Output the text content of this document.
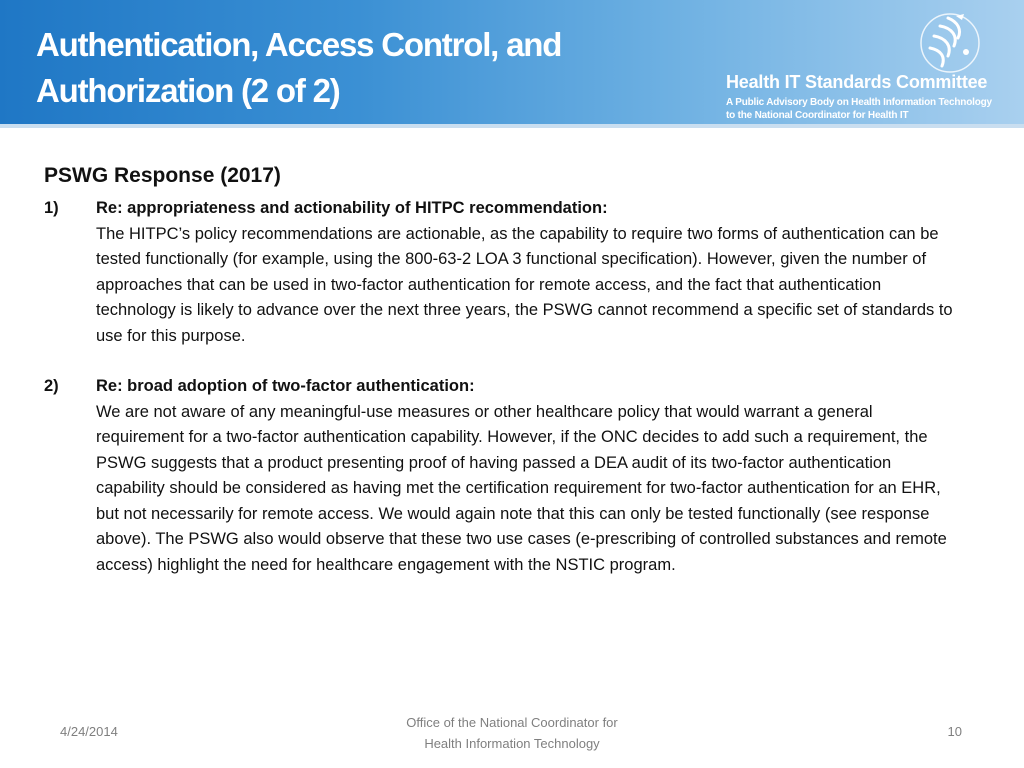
Authentication, Access Control, and
Authorization (2 of 2)	Health IT Standards Committee
A Public Advisory Body on Health Information Technology
to the National Coordinator for Health IT
PSWG Response (2017)
1) Re: appropriateness and actionability of HITPC recommendation:
The HITPC’s policy recommendations are actionable, as the capability to require two forms of authentication can be tested functionally (for example, using the 800-63-2 LOA 3 functional specification). However, given the number of approaches that can be used in two-factor authentication for remote access, and the fact that authentication technology is likely to advance over the next three years, the PSWG cannot recommend a specific set of standards to use for this purpose.
2) Re: broad adoption of two-factor authentication:
We are not aware of any meaningful-use measures or other healthcare policy that would warrant a general requirement for a two-factor authentication capability. However, if the ONC decides to add such a requirement, the PSWG suggests that a product presenting proof of having passed a DEA audit of its two-factor authentication capability should be considered as having met the certification requirement for two-factor authentication for an EHR, but not necessarily for remote access. We would again note that this can only be tested functionally (see response above). The PSWG also would observe that these two use cases (e-prescribing of controlled substances and remote access) highlight the need for healthcare engagement with the NSTIC program.
4/24/2014
Office of the National Coordinator for
Health Information Technology
10
